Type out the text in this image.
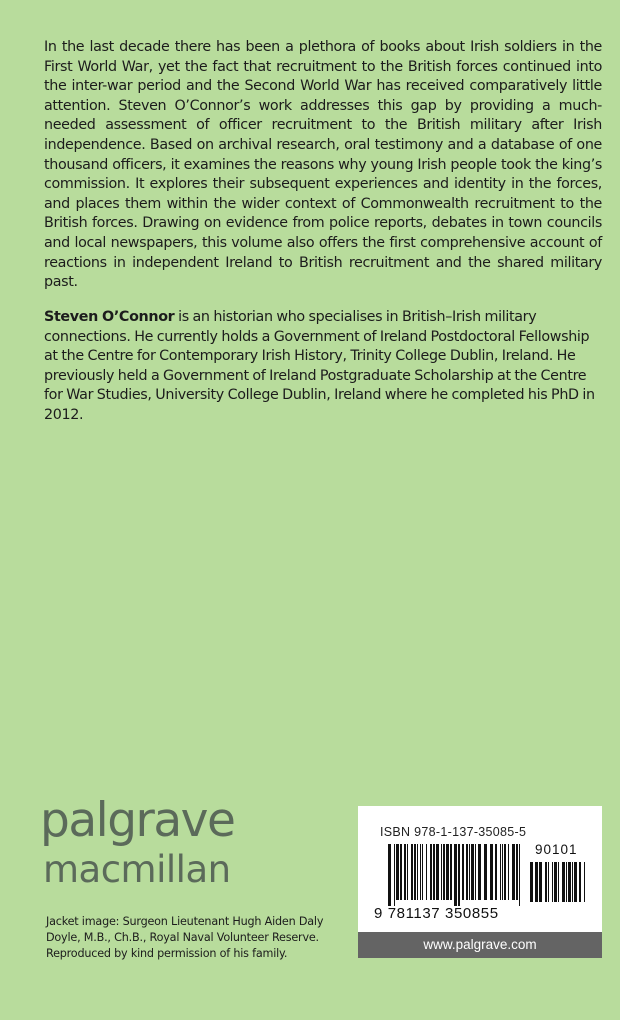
In the last decade there has been a plethora of books about Irish soldiers in the First World War, yet the fact that recruitment to the British forces continued into the inter-war period and the Second World War has received comparatively little attention. Steven O’Connor’s work addresses this gap by providing a much-needed assessment of officer recruitment to the British military after Irish independence. Based on archival research, oral testimony and a database of one thousand officers, it examines the reasons why young Irish people took the king’s commission. It explores their subsequent experiences and identity in the forces, and places them within the wider context of Commonwealth recruitment to the British forces. Drawing on evidence from police reports, debates in town councils and local newspapers, this volume also offers the first comprehensive account of reactions in independent Ireland to British recruitment and the shared military past.

Steven O’Connor is an historian who specialises in British–Irish military connections. He currently holds a Government of Ireland Postdoctoral Fellowship at the Centre for Contemporary Irish History, Trinity College Dublin, Ireland. He previously held a Government of Ireland Postgraduate Scholarship at the Centre for War Studies, University College Dublin, Ireland where he completed his PhD in 2012.

palgrave
macmillan

Jacket image: Surgeon Lieutenant Hugh Aiden Daly Doyle, M.B., Ch.B., Royal Naval Volunteer Reserve. Reproduced by kind permission of his family.

ISBN 978-1-137-35085-5
90101
9 781137 350855
www.palgrave.com
